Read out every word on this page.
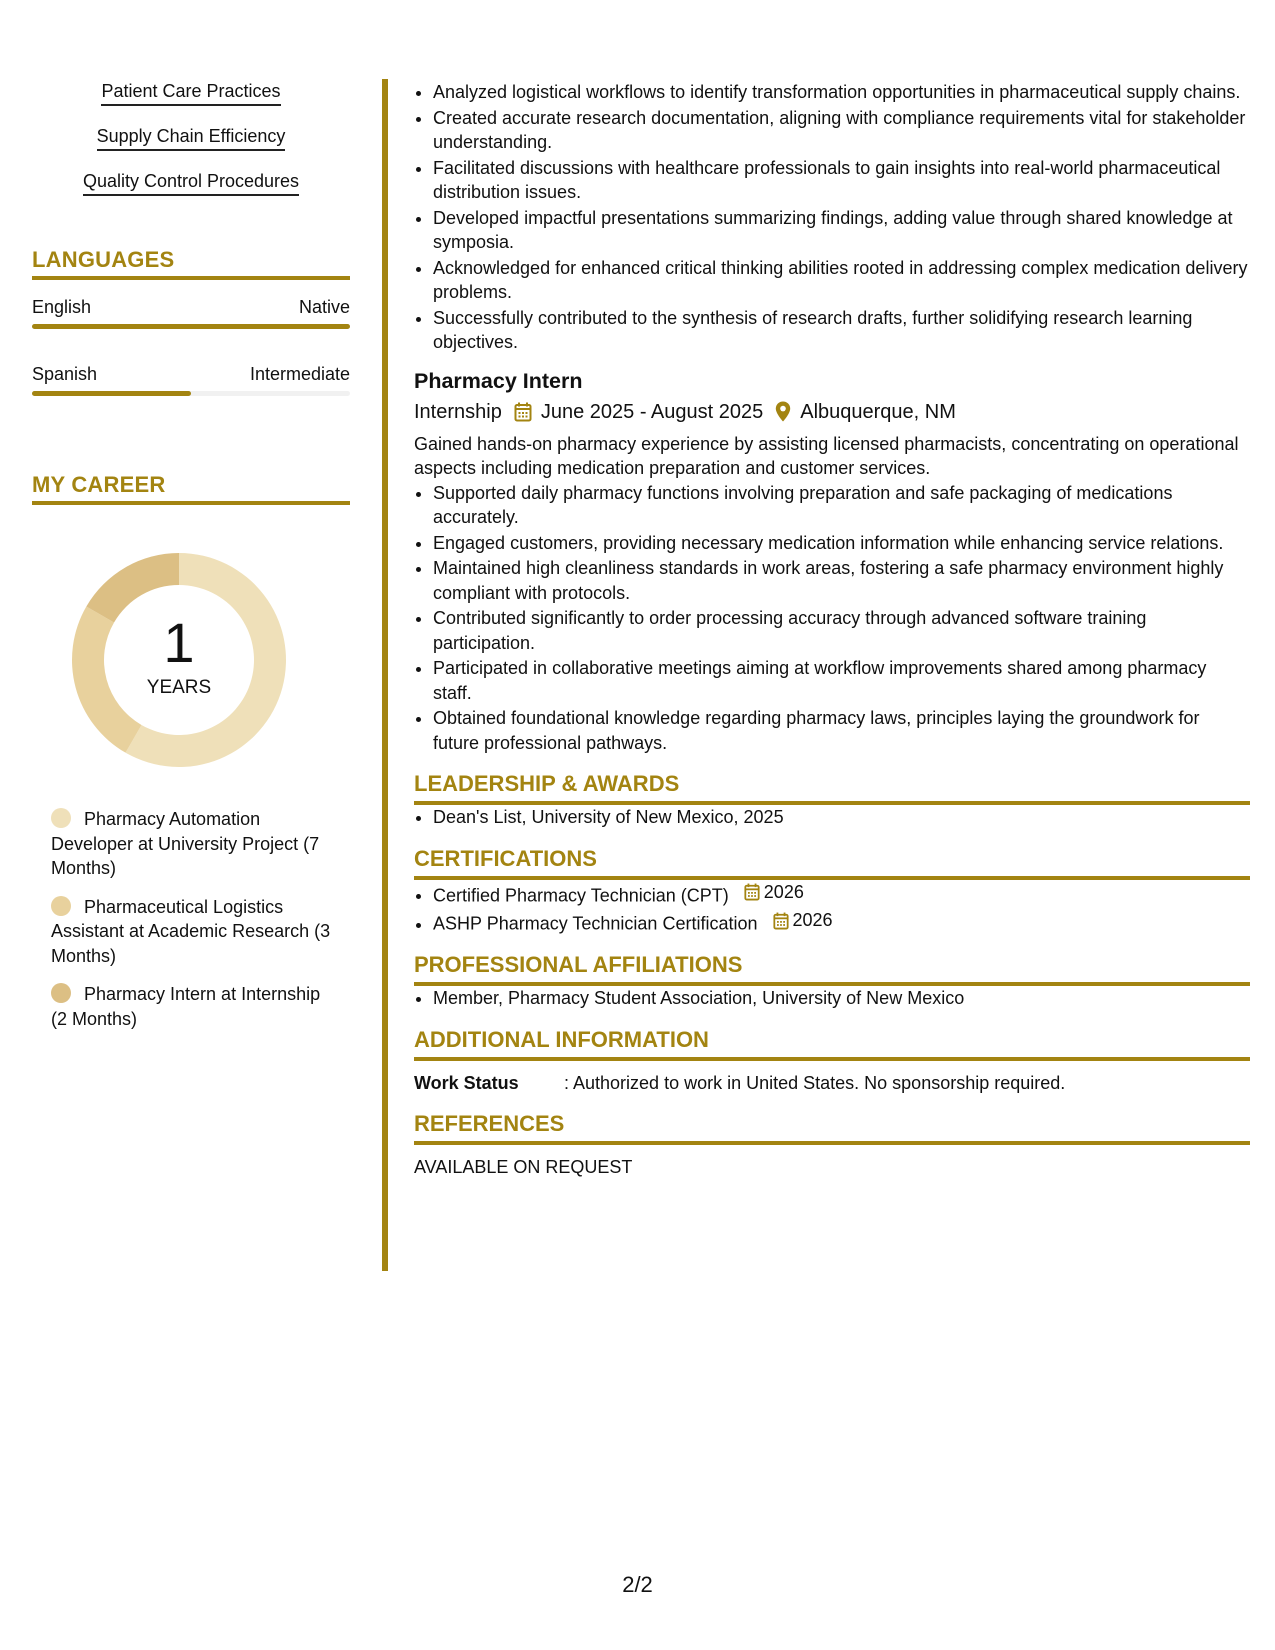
Patient Care Practices
Supply Chain Efficiency
Quality Control Procedures
LANGUAGES
English	Native
Spanish	Intermediate
MY CAREER
1
YEARS
Pharmacy Automation Developer at University Project (7 Months)
Pharmaceutical Logistics Assistant at Academic Research (3 Months)
Pharmacy Intern at Internship (2 Months)
• Analyzed logistical workflows to identify transformation opportunities in pharmaceutical supply chains.
• Created accurate research documentation, aligning with compliance requirements vital for stakeholder understanding.
• Facilitated discussions with healthcare professionals to gain insights into real-world pharmaceutical distribution issues.
• Developed impactful presentations summarizing findings, adding value through shared knowledge at symposia.
• Acknowledged for enhanced critical thinking abilities rooted in addressing complex medication delivery problems.
• Successfully contributed to the synthesis of research drafts, further solidifying research learning objectives.
Pharmacy Intern
Internship June 2025 - August 2025 Albuquerque, NM
Gained hands-on pharmacy experience by assisting licensed pharmacists, concentrating on operational aspects including medication preparation and customer services.
• Supported daily pharmacy functions involving preparation and safe packaging of medications accurately.
• Engaged customers, providing necessary medication information while enhancing service relations.
• Maintained high cleanliness standards in work areas, fostering a safe pharmacy environment highly compliant with protocols.
• Contributed significantly to order processing accuracy through advanced software training participation.
• Participated in collaborative meetings aiming at workflow improvements shared among pharmacy staff.
• Obtained foundational knowledge regarding pharmacy laws, principles laying the groundwork for future professional pathways.
LEADERSHIP & AWARDS
• Dean's List, University of New Mexico, 2025
CERTIFICATIONS
• Certified Pharmacy Technician (CPT) 2026
• ASHP Pharmacy Technician Certification 2026
PROFESSIONAL AFFILIATIONS
• Member, Pharmacy Student Association, University of New Mexico
ADDITIONAL INFORMATION
Work Status	: Authorized to work in United States. No sponsorship required.
REFERENCES
AVAILABLE ON REQUEST
2/2
